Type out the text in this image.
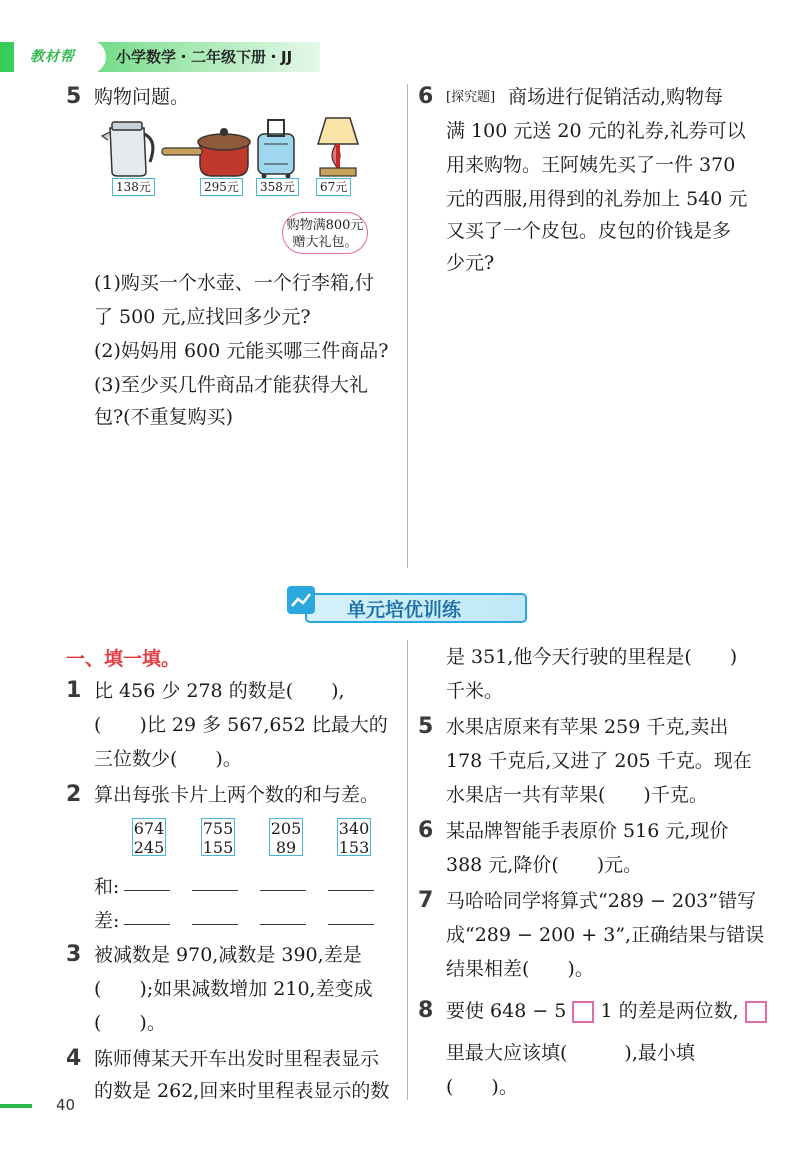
教材帮	小学数学・二年级下册・JJ
5 购物问题。
138元	295元	358元	67元
购物满800元
赠大礼包。
(1)购买一个水壶、一个行李箱,付
了 500 元,应找回多少元?
(2)妈妈用 600 元能买哪三件商品?
(3)至少买几件商品才能获得大礼
包?(不重复购买)
6 [探究题] 商场进行促销活动,购物每
满 100 元送 20 元的礼券,礼券可以
用来购物。王阿姨先买了一件 370
元的西服,用得到的礼券加上 540 元
又买了一个皮包。皮包的价钱是多
少元?
单元培优训练
一、填一填。
1 比 456 少 278 的数是(　　),
(　　)比 29 多 567,652 比最大的
三位数少(　　)。
2 算出每张卡片上两个数的和与差。
674
245
755
155
205
89
340
153
和:
差:
3 被减数是 970,减数是 390,差是
(　　);如果减数增加 210,差变成
(　　)。
4 陈师傅某天开车出发时里程表显示
的数是 262,回来时里程表显示的数
是 351,他今天行驶的里程是(　　)
千米。
5 水果店原来有苹果 259 千克,卖出
178 千克后,又进了 205 千克。现在
水果店一共有苹果(　　)千克。
6 某品牌智能手表原价 516 元,现价
388 元,降价(　　)元。
7 马哈哈同学将算式“289 − 203”错写
成“289 − 200 + 3”,正确结果与错误
结果相差(　　)。
8 要使 648 − 5 1 的差是两位数,
里最大应该填(　　　),最小填
(　　)。
40
